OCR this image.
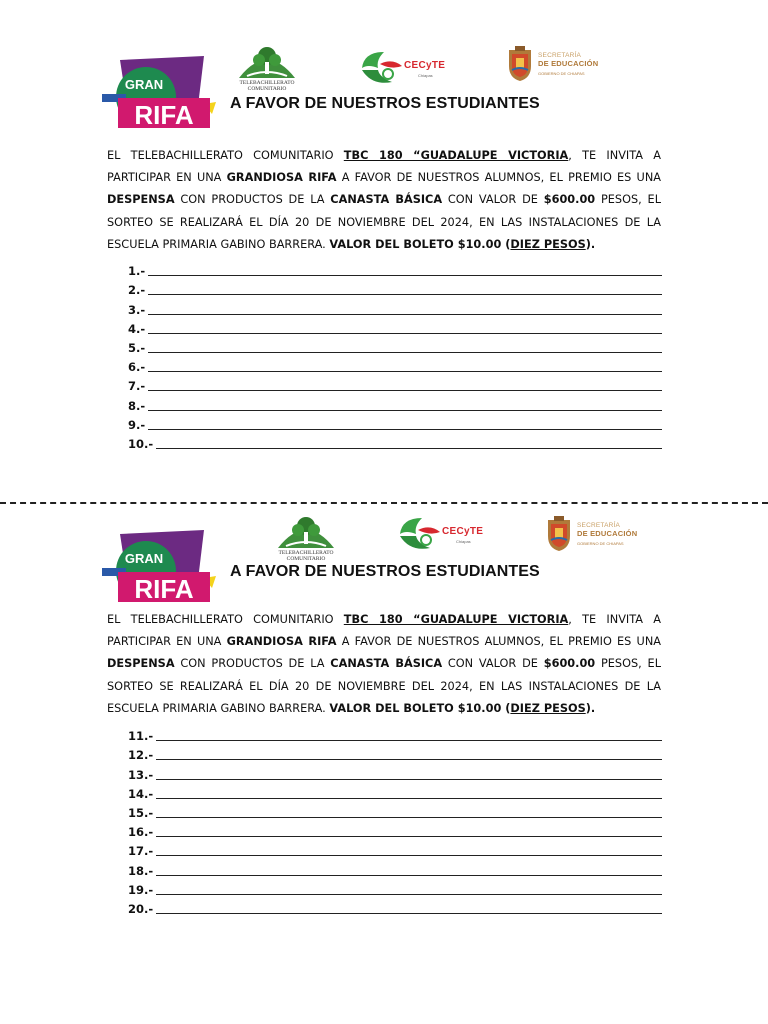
GRAN
RIFA
TELEBACHILLERATO
COMUNITARIO
CECyTE
Chiapas
SECRETARÍA
DE EDUCACIÓN
GOBIERNO DE CHIAPAS
A FAVOR DE NUESTROS ESTUDIANTES
EL TELEBACHILLERATO COMUNITARIO TBC 180 “GUADALUPE VICTORIA, TE INVITA A PARTICIPAR EN UNA GRANDIOSA RIFA A FAVOR DE NUESTROS ALUMNOS, EL PREMIO ES UNA DESPENSA CON PRODUCTOS DE LA CANASTA BÁSICA CON VALOR DE $600.00 PESOS, EL SORTEO SE REALIZARÁ EL DÍA 20 DE NOVIEMBRE DEL 2024, EN LAS INSTALACIONES DE LA ESCUELA PRIMARIA GABINO BARRERA. VALOR DEL BOLETO $10.00 (DIEZ PESOS).
1.-
2.-
3.-
4.-
5.-
6.-
7.-
8.-
9.-
10.-
GRAN
RIFA
TELEBACHILLERATO
COMUNITARIO
CECyTE
Chiapas
SECRETARÍA
DE EDUCACIÓN
GOBIERNO DE CHIAPAS
A FAVOR DE NUESTROS ESTUDIANTES
EL TELEBACHILLERATO COMUNITARIO TBC 180 “GUADALUPE VICTORIA, TE INVITA A PARTICIPAR EN UNA GRANDIOSA RIFA A FAVOR DE NUESTROS ALUMNOS, EL PREMIO ES UNA DESPENSA CON PRODUCTOS DE LA CANASTA BÁSICA CON VALOR DE $600.00 PESOS, EL SORTEO SE REALIZARÁ EL DÍA 20 DE NOVIEMBRE DEL 2024, EN LAS INSTALACIONES DE LA ESCUELA PRIMARIA GABINO BARRERA. VALOR DEL BOLETO $10.00 (DIEZ PESOS).
11.-
12.-
13.-
14.-
15.-
16.-
17.-
18.-
19.-
20.-
